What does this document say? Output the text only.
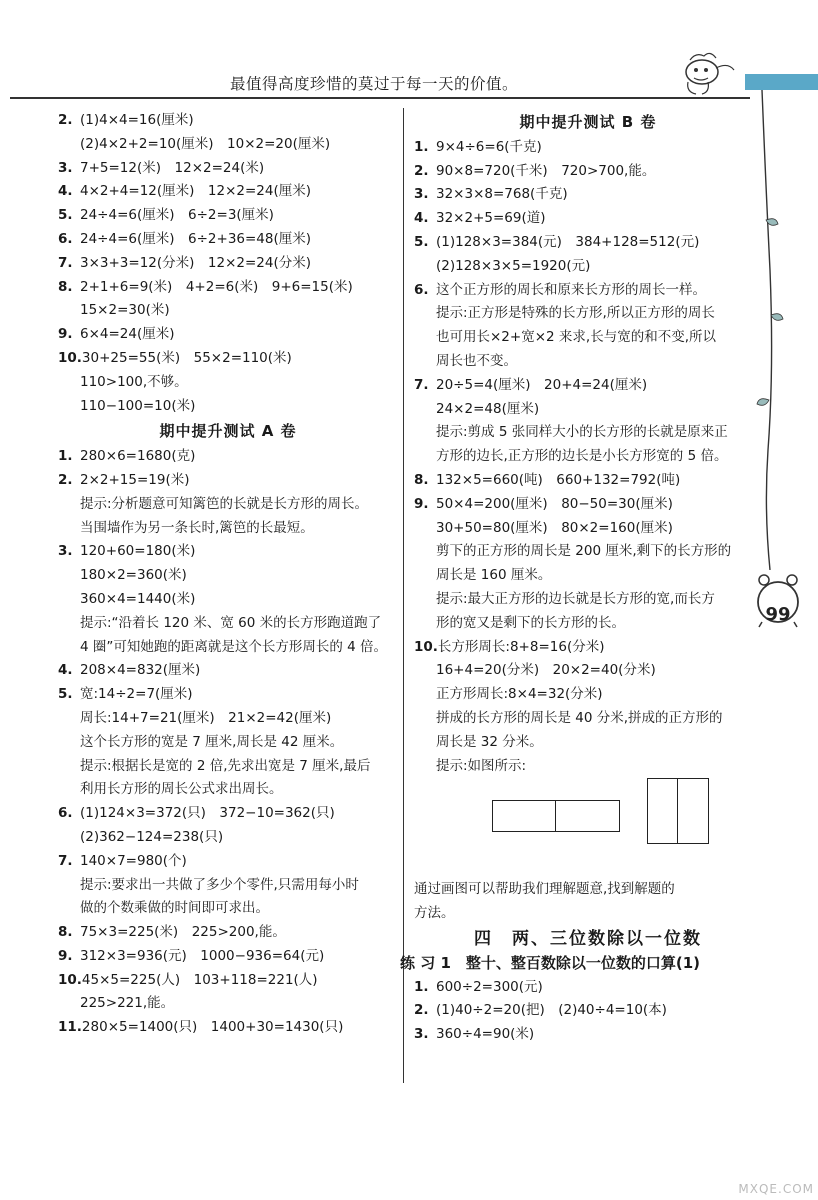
最值得高度珍惜的莫过于每一天的价值。
99
2. (1)4×4=16(厘米)
(2)4×2+2=10(厘米)　10×2=20(厘米)
3. 7+5=12(米)　12×2=24(米)
4. 4×2+4=12(厘米)　12×2=24(厘米)
5. 24÷4=6(厘米)　6÷2=3(厘米)
6. 24÷4=6(厘米)　6÷2+36=48(厘米)
7. 3×3+3=12(分米)　12×2=24(分米)
8. 2+1+6=9(米)　4+2=6(米)　9+6=15(米)
15×2=30(米)
9. 6×4=24(厘米)
10.30+25=55(米)　55×2=110(米)
110>100,不够。
110−100=10(米)
期中提升测试 A 卷
1. 280×6=1680(克)
2. 2×2+15=19(米)
提示:分析题意可知篱笆的长就是长方形的周长。
当围墙作为另一条长时,篱笆的长最短。
3. 120+60=180(米)
180×2=360(米)
360×4=1440(米)
提示:“沿着长 120 米、宽 60 米的长方形跑道跑了
4 圈”可知她跑的距离就是这个长方形周长的 4 倍。
4. 208×4=832(厘米)
5. 宽:14÷2=7(厘米)
周长:14+7=21(厘米)　21×2=42(厘米)
这个长方形的宽是 7 厘米,周长是 42 厘米。
提示:根据长是宽的 2 倍,先求出宽是 7 厘米,最后
利用长方形的周长公式求出周长。
6. (1)124×3=372(只)　372−10=362(只)
(2)362−124=238(只)
7. 140×7=980(个)
提示:要求出一共做了多少个零件,只需用每小时
做的个数乘做的时间即可求出。
8. 75×3=225(米)　225>200,能。
9. 312×3=936(元)　1000−936=64(元)
10.45×5=225(人)　103+118=221(人)
225>221,能。
11.280×5=1400(只)　1400+30=1430(只)
期中提升测试 B 卷
1. 9×4÷6=6(千克)
2. 90×8=720(千米)　720>700,能。
3. 32×3×8=768(千克)
4. 32×2+5=69(道)
5. (1)128×3=384(元)　384+128=512(元)
(2)128×3×5=1920(元)
6. 这个正方形的周长和原来长方形的周长一样。
提示:正方形是特殊的长方形,所以正方形的周长
也可用长×2+宽×2 来求,长与宽的和不变,所以
周长也不变。
7. 20÷5=4(厘米)　20+4=24(厘米)
24×2=48(厘米)
提示:剪成 5 张同样大小的长方形的长就是原来正
方形的边长,正方形的边长是小长方形宽的 5 倍。
8. 132×5=660(吨)　660+132=792(吨)
9. 50×4=200(厘米)　80−50=30(厘米)
30+50=80(厘米)　80×2=160(厘米)
剪下的正方形的周长是 200 厘米,剩下的长方形的
周长是 160 厘米。
提示:最大正方形的边长就是长方形的宽,而长方
形的宽又是剩下的长方形的长。
10.长方形周长:8+8=16(分米)
16+4=20(分米)　20×2=40(分米)
正方形周长:8×4=32(分米)
拼成的长方形的周长是 40 分米,拼成的正方形的
周长是 32 分米。
提示:如图所示:
通过画图可以帮助我们理解题意,找到解题的
方法。
四　两、三位数除以一位数
练 习 1　整十、整百数除以一位数的口算(1)
1. 600÷2=300(元)
2. (1)40÷2=20(把)　(2)40÷4=10(本)
3. 360÷4=90(米)
MXQE.COM
